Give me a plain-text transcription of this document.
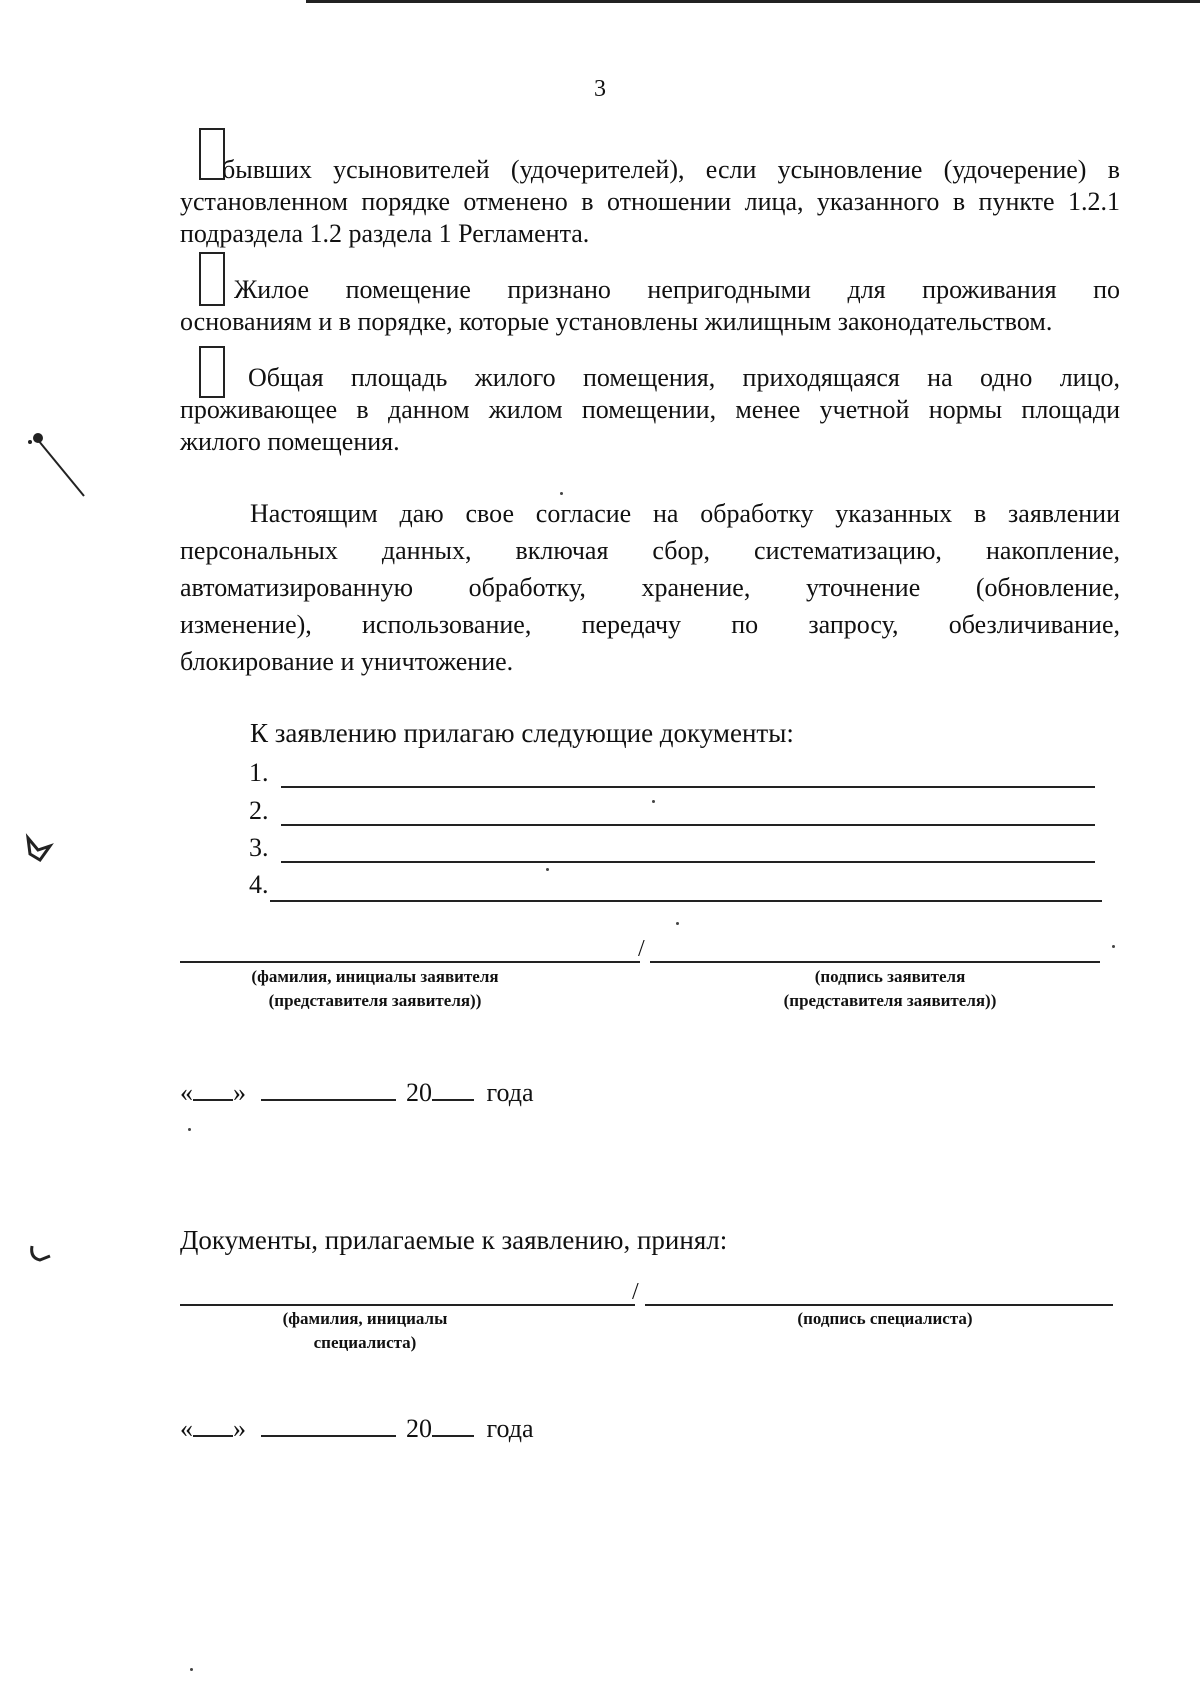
3
бывших усыновителей (удочерителей), если усыновление (удочерение) в
установленном порядке отменено в отношении лица, указанного в пункте 1.2.1
подраздела 1.2 раздела 1 Регламента.
Жилое помещение признано непригодными для проживания по
основаниям и в порядке, которые установлены жилищным законодательством.
Общая площадь жилого помещения, приходящаяся на одно лицо,
проживающее в данном жилом помещении, менее учетной нормы площади
жилого помещения.
Настоящим даю свое согласие на обработку указанных в заявлении
персональных данных, включая сбор, систематизацию, накопление,
автоматизированную обработку, хранение, уточнение (обновление,
изменение), использование, передачу по запросу, обезличивание,
блокирование и уничтожение.
К заявлению прилагаю следующие документы:
1.
2.
3.
4.
/
(фамилия, инициалы заявителя
(представителя заявителя))
(подпись заявителя
(представителя заявителя))
« »	20 года
Документы, прилагаемые к заявлению, принял:
/
(фамилия, инициалы
специалиста)
(подпись специалиста)
« »	20 года
